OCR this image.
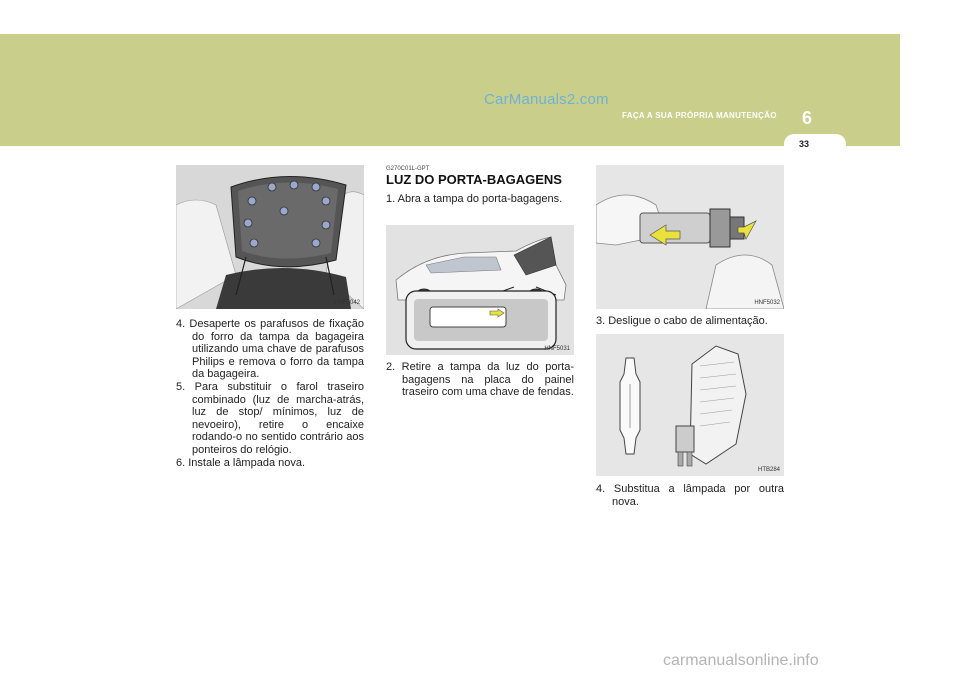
CarManuals2.com
FAÇA A SUA PRÓPRIA MANUTENÇÃO 6
33
HNF5042
HNF5031
HNF5032
HTB284

4. Desaperte os parafusos de fixação do forro da tampa da bagageira utilizando uma chave de parafusos Philips e remova o forro da tampa da bagageira.

5. Para substituir o farol traseiro combinado (luz de marcha-atrás, luz de stop/ mínimos, luz de nevoeiro), retire o encaixe rodando-o no sentido contrário aos ponteiros do relógio.

6. Instale a lâmpada nova.

G270C01L-GPT
LUZ DO PORTA-BAGAGENS

1. Abra a tampa do porta-bagagens.

2. Retire a tampa da luz do porta-bagagens na placa do painel traseiro com uma chave de fendas.

3. Desligue o cabo de alimentação.

4. Substitua a lâmpada por outra nova.

carmanualsonline.info
